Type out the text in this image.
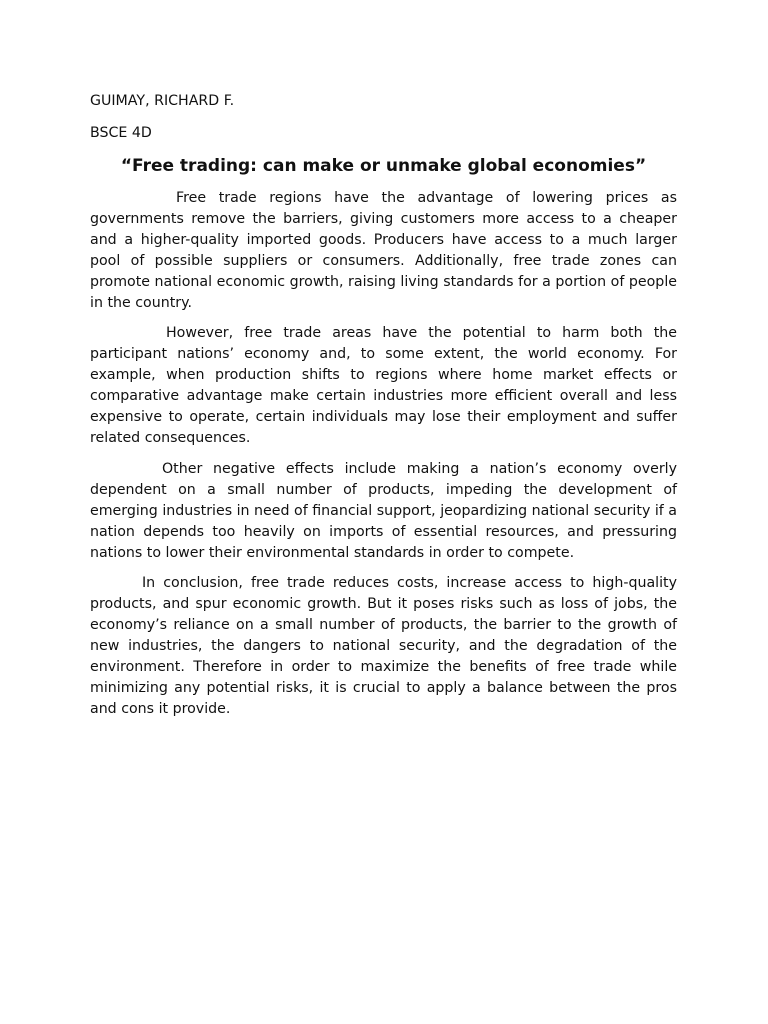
GUIMAY, RICHARD F.

BSCE 4D

“Free trading: can make or unmake global economies”

Free trade regions have the advantage of lowering prices as governments remove the barriers, giving customers more access to a cheaper and a higher-quality imported goods. Producers have access to a much larger pool of possible suppliers or consumers. Additionally, free trade zones can promote national economic growth, raising living standards for a portion of people in the country.

However, free trade areas have the potential to harm both the participant nations’ economy and, to some extent, the world economy. For example, when production shifts to regions where home market effects or comparative advantage make certain industries more efficient overall and less expensive to operate, certain individuals may lose their employment and suffer related consequences.

Other negative effects include making a nation’s economy overly dependent on a small number of products, impeding the development of emerging industries in need of financial support, jeopardizing national security if a nation depends too heavily on imports of essential resources, and pressuring nations to lower their environmental standards in order to compete.

In conclusion, free trade reduces costs, increase access to high-quality products, and spur economic growth. But it poses risks such as loss of jobs, the economy’s reliance on a small number of products, the barrier to the growth of new industries, the dangers to national security, and the degradation of the environment. Therefore in order to maximize the benefits of free trade while minimizing any potential risks, it is crucial to apply a balance between the pros and cons it provide.
